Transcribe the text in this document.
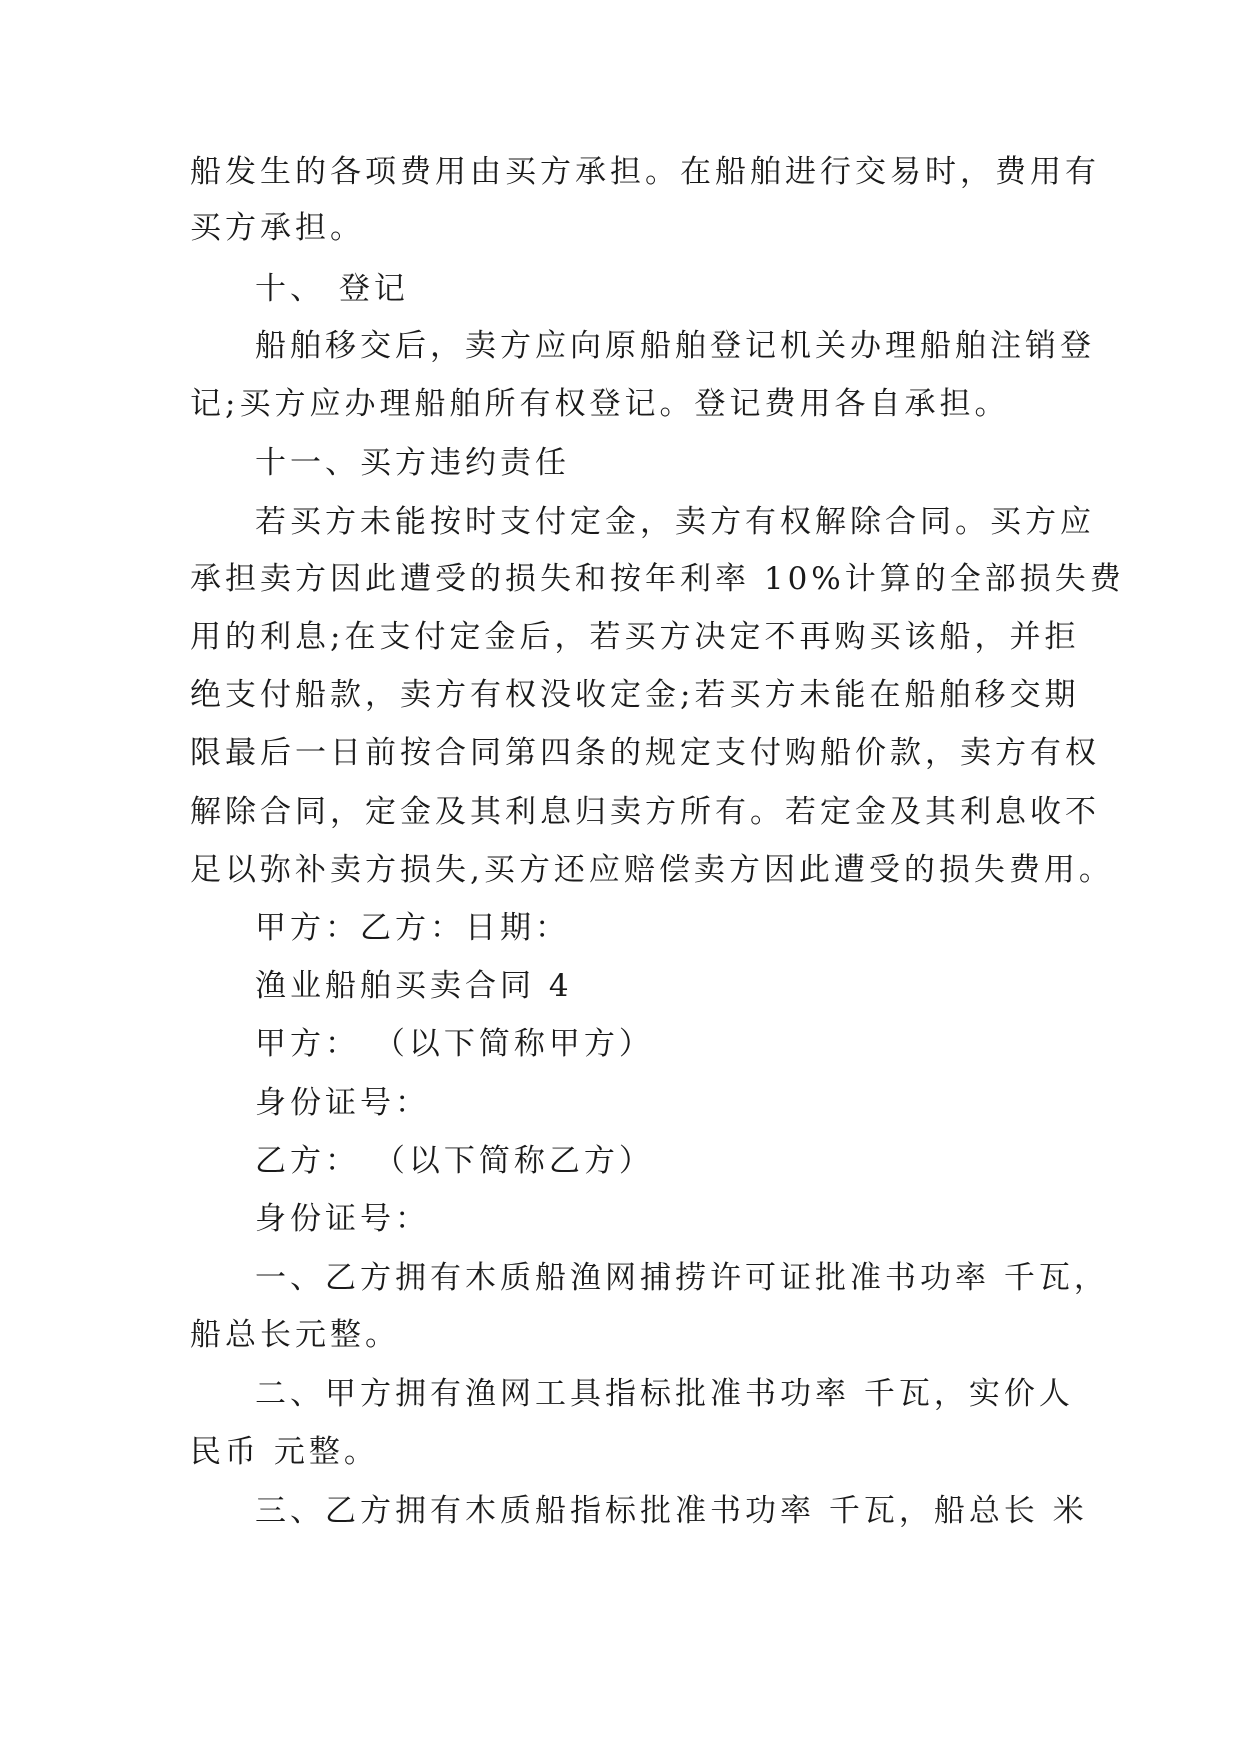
船发生的各项费用由买方承担。在船舶进行交易时，费用有
买方承担。
十、 登记
船舶移交后，卖方应向原船舶登记机关办理船舶注销登
记;买方应办理船舶所有权登记。登记费用各自承担。
十一、买方违约责任
若买方未能按时支付定金，卖方有权解除合同。买方应
承担卖方因此遭受的损失和按年利率 10%计算的全部损失费
用的利息;在支付定金后，若买方决定不再购买该船，并拒
绝支付船款，卖方有权没收定金;若买方未能在船舶移交期
限最后一日前按合同第四条的规定支付购船价款，卖方有权
解除合同，定金及其利息归卖方所有。若定金及其利息收不
足以弥补卖方损失,买方还应赔偿卖方因此遭受的损失费用。
甲方：乙方：日期：
渔业船舶买卖合同 4
甲方： （以下简称甲方）
身份证号：
乙方： （以下简称乙方）
身份证号：
一、乙方拥有木质船渔网捕捞许可证批准书功率 千瓦，
船总长元整。
二、甲方拥有渔网工具指标批准书功率 千瓦，实价人
民币 元整。
三、乙方拥有木质船指标批准书功率 千瓦，船总长 米
